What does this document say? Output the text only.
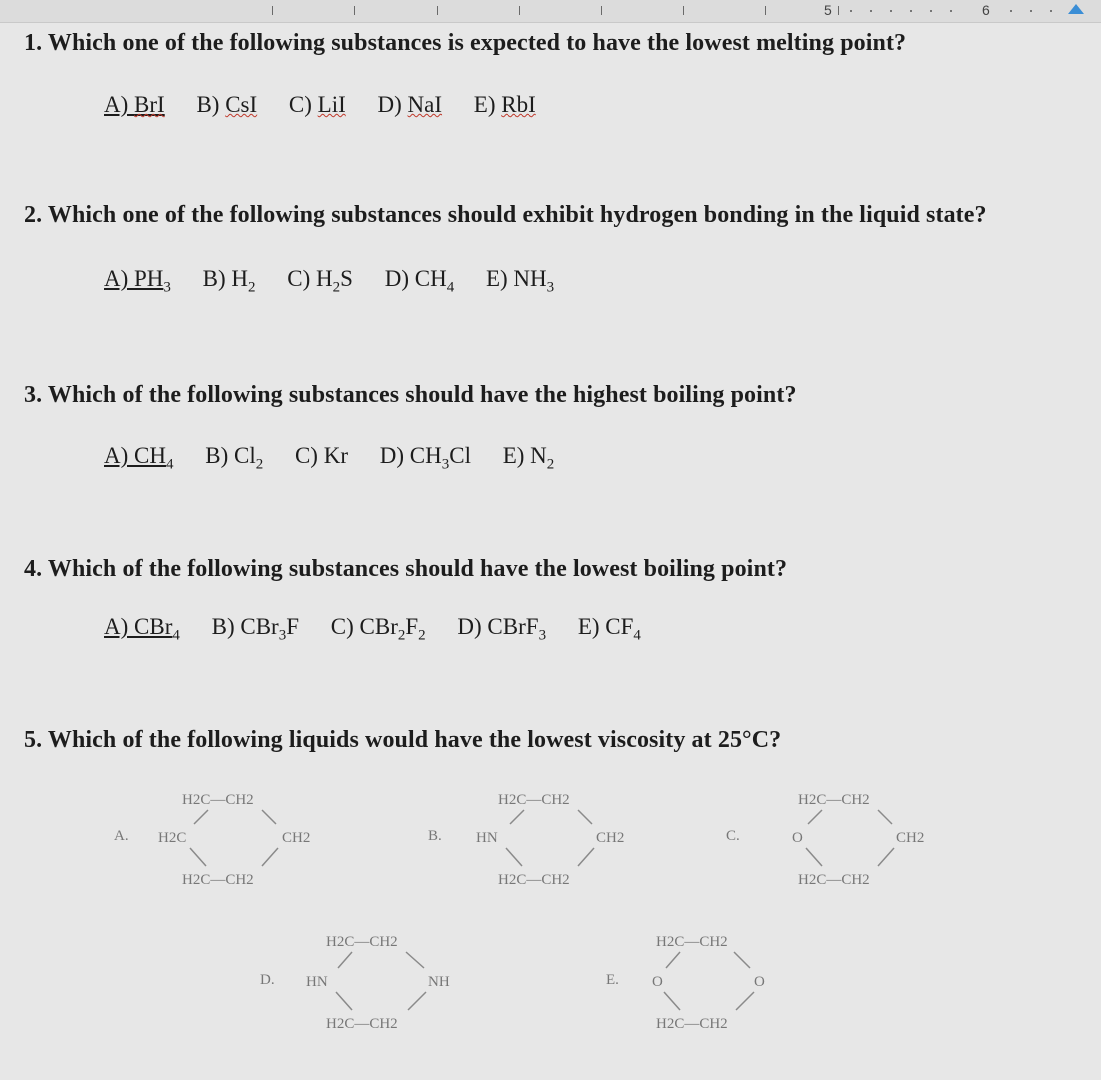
5	6
1. Which one of the following substances is expected to have the lowest melting point?
A) BrI B) CsI C) LiI D) NaI E) RbI
2. Which one of the following substances should exhibit hydrogen bonding in the liquid state?
A) $PH_3$ B) $H_2$ C) $H_2S$ D) $CH_4$ E) $NH_3$
3. Which of the following substances should have the highest boiling point?
A) $CH_4$ B) $Cl_2$ C) Kr D) $CH_3Cl$ E) $N_2$
4. Which of the following substances should have the lowest boiling point?
A) CBr$_4$ B) CBr$_3$F C) $CBr_2F_2$ D) CBrF$_3$ E) $CF_4$
5. Which of the following liquids would have the lowest viscosity at 25°C?
A.
H2C—CH2
H2C	CH2
H2C—CH2
B.
H2C—CH2
HN	CH2
H2C—CH2
C.
H2C—CH2
O	CH2
H2C—CH2
D.
H2C—CH2
HN	NH
H2C—CH2
E.
H2C—CH2
O	O
H2C—CH2
